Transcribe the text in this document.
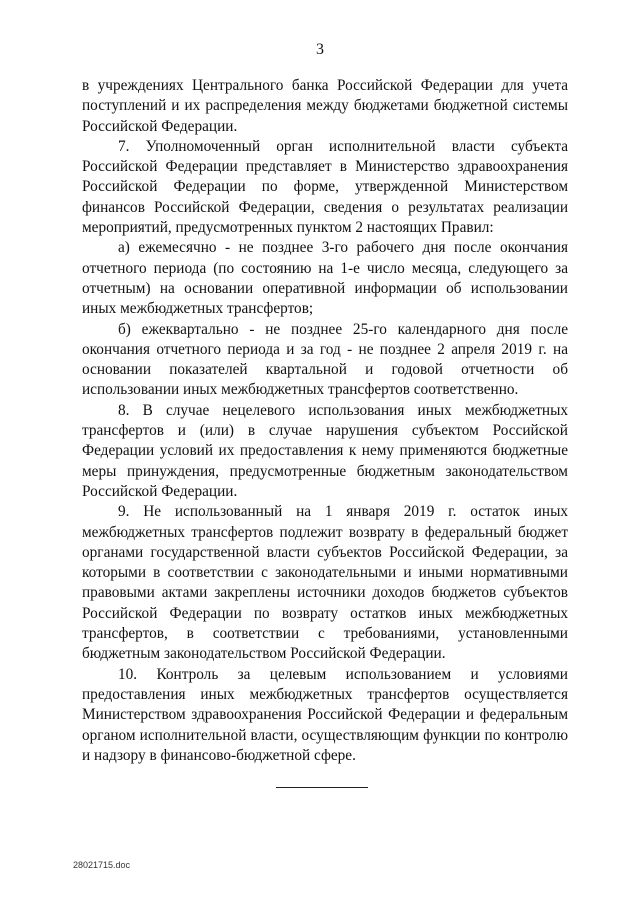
3

в учреждениях Центрального банка Российской Федерации для учета поступлений и их распределения между бюджетами бюджетной системы Российской Федерации.

7. Уполномоченный орган исполнительной власти субъекта Российской Федерации представляет в Министерство здравоохранения Российской Федерации по форме, утвержденной Министерством финансов Российской Федерации, сведения о результатах реализации мероприятий, предусмотренных пунктом 2 настоящих Правил:

а) ежемесячно - не позднее 3-го рабочего дня после окончания отчетного периода (по состоянию на 1-е число месяца, следующего за отчетным) на основании оперативной информации об использовании иных межбюджетных трансфертов;

б) ежеквартально - не позднее 25-го календарного дня после окончания отчетного периода и за год - не позднее 2 апреля 2019 г. на основании показателей квартальной и годовой отчетности об использовании иных межбюджетных трансфертов соответственно.

8. В случае нецелевого использования иных межбюджетных трансфертов и (или) в случае нарушения субъектом Российской Федерации условий их предоставления к нему применяются бюджетные меры принуждения, предусмотренные бюджетным законодательством Российской Федерации.

9. Не использованный на 1 января 2019 г. остаток иных межбюджетных трансфертов подлежит возврату в федеральный бюджет органами государственной власти субъектов Российской Федерации, за которыми в соответствии с законодательными и иными нормативными правовыми актами закреплены источники доходов бюджетов субъектов Российской Федерации по возврату остатков иных межбюджетных трансфертов, в соответствии с требованиями, установленными бюджетным законодательством Российской Федерации.

10. Контроль за целевым использованием и условиями предоставления иных межбюджетных трансфертов осуществляется Министерством здравоохранения Российской Федерации и федеральным органом исполнительной власти, осуществляющим функции по контролю и надзору в финансово-бюджетной сфере.

28021715.doc
